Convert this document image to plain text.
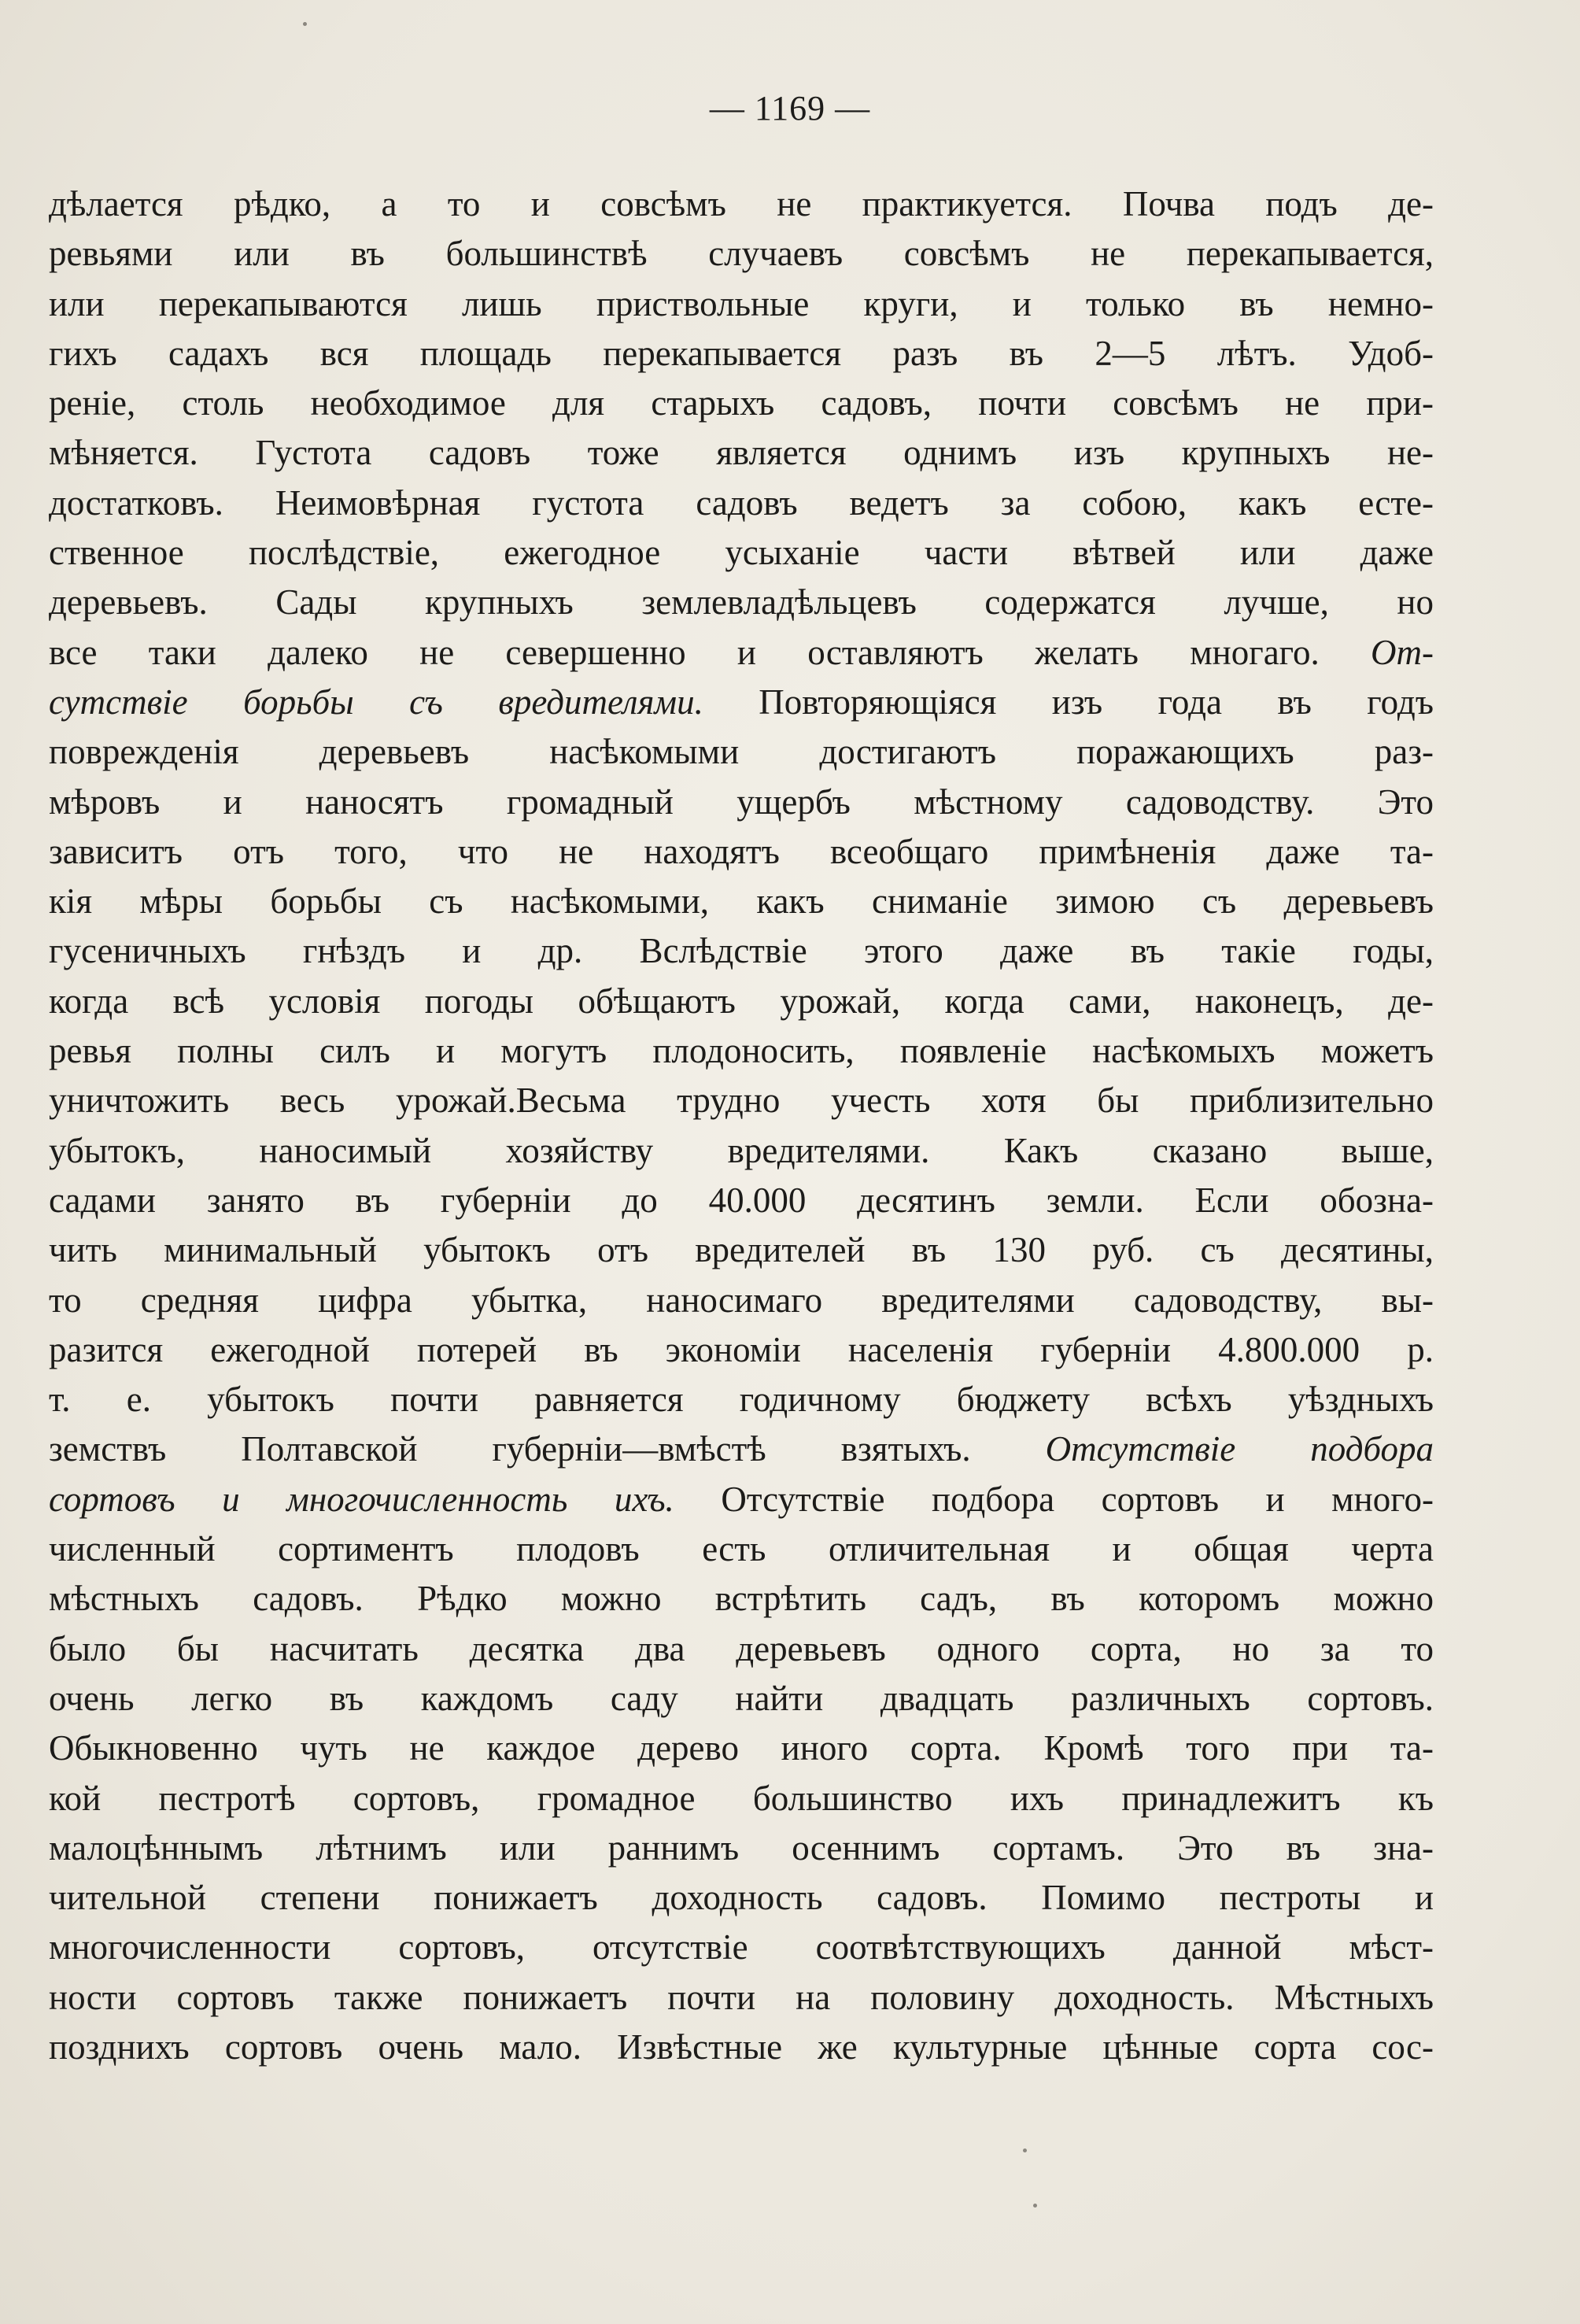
— 1169 —
дѣлается рѣдко, а то и совсѣмъ не практикуется. Почва подъ де-
ревьями или въ большинствѣ случаевъ совсѣмъ не перекапывается,
или перекапываются лишь приствольные круги, и только въ немно-
гихъ садахъ вся площадь перекапывается разъ въ 2—5 лѣтъ. Удоб-
реніе, столь необходимое для старыхъ садовъ, почти совсѣмъ не при-
мѣняется. Густота садовъ тоже является однимъ изъ крупныхъ не-
достатковъ. Неимовѣрная густота садовъ ведетъ за собою, какъ есте-
ственное послѣдствіе, ежегодное усыханіе части вѣтвей или даже
деревьевъ. Сады крупныхъ землевладѣльцевъ содержатся лучше, но
все таки далеко не севершенно и оставляютъ желать многаго. От-
сутствіе борьбы съ вредителями. Повторяющіяся изъ года въ годъ
поврежденія деревьевъ насѣкомыми достигаютъ поражающихъ раз-
мѣровъ и наносятъ громадный ущербъ мѣстному садоводству. Это
зависитъ отъ того, что не находятъ всеобщаго примѣненія даже та-
кія мѣры борьбы съ насѣкомыми, какъ сниманіе зимою съ деревьевъ
гусеничныхъ гнѣздъ и др. Вслѣдствіе этого даже въ такіе годы,
когда всѣ условія погоды обѣщаютъ урожай, когда сами, наконецъ, де-
ревья полны силъ и могутъ плодоносить, появленіе насѣкомыхъ можетъ
уничтожить весь урожай.Весьма трудно учесть хотя бы приблизительно
убытокъ, наносимый хозяйству вредителями. Какъ сказано выше,
садами занято въ губерніи до 40.000 десятинъ земли. Если обозна-
чить минимальный убытокъ отъ вредителей въ 130 руб. съ десятины,
то средняя цифра убытка, наносимаго вредителями садоводству, вы-
разится ежегодной потерей въ экономіи населенія губерніи 4.800.000 р.
т. е. убытокъ почти равняется годичному бюджету всѣхъ уѣздныхъ
земствъ Полтавской губерніи—вмѣстѣ взятыхъ. Отсутствіе подбора
сортовъ и многочисленность ихъ. Отсутствіе подбора сортовъ и много-
численный сортиментъ плодовъ есть отличительная и общая черта
мѣстныхъ садовъ. Рѣдко можно встрѣтить садъ, въ которомъ можно
было бы насчитать десятка два деревьевъ одного сорта, но за то
очень легко въ каждомъ саду найти двадцать различныхъ сортовъ.
Обыкновенно чуть не каждое дерево иного сорта. Кромѣ того при та-
кой пестротѣ сортовъ, громадное большинство ихъ принадлежитъ къ
малоцѣннымъ лѣтнимъ или раннимъ осеннимъ сортамъ. Это въ зна-
чительной степени понижаетъ доходность садовъ. Помимо пестроты и
многочисленности сортовъ, отсутствіе соотвѣтствующихъ данной мѣст-
ности сортовъ также понижаетъ почти на половину доходность. Мѣстныхъ
позднихъ сортовъ очень мало. Извѣстные же культурные цѣнные сорта сос-
